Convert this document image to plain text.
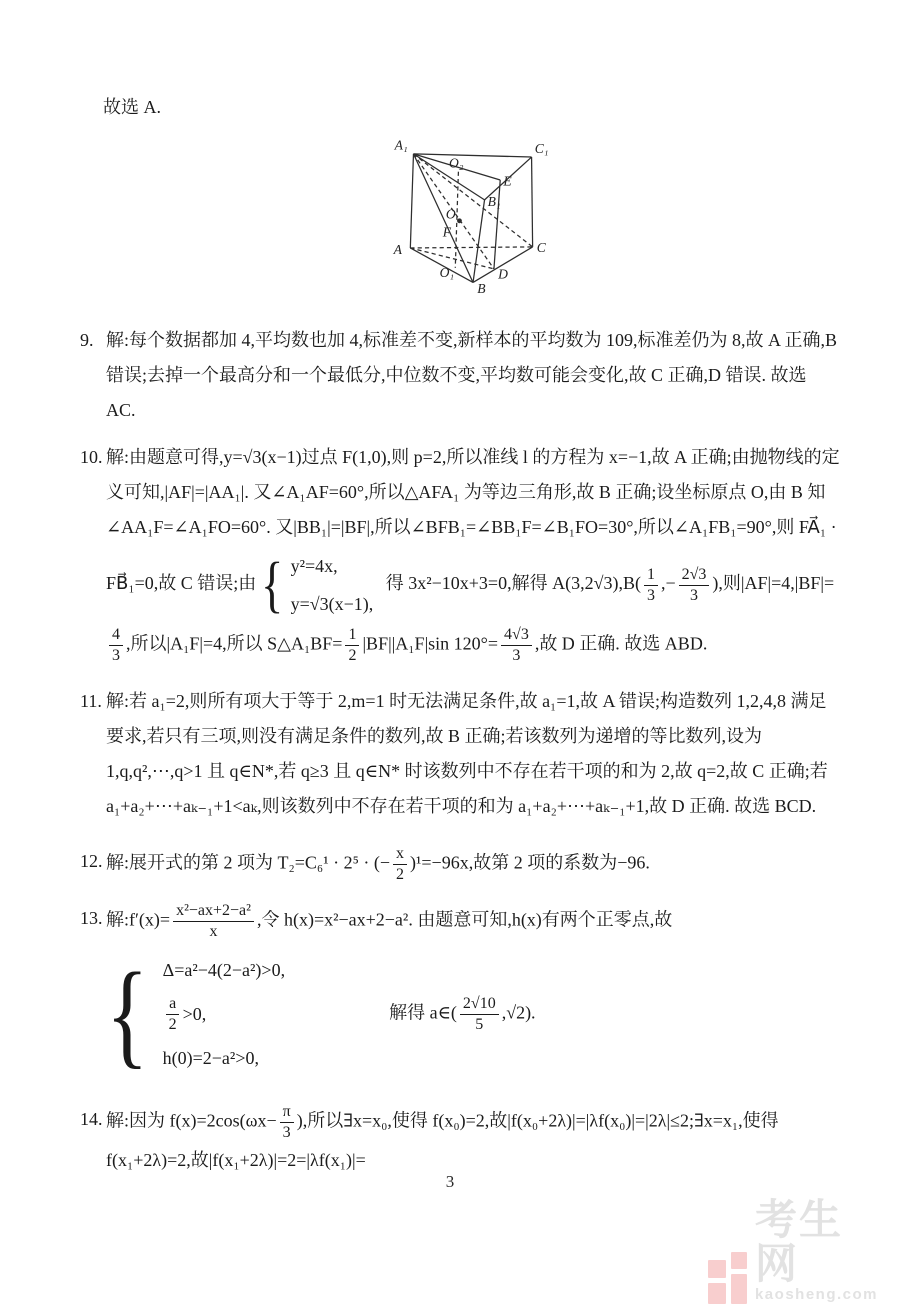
故选 A.

A₁
O₂
C₁
E
B₁
O
F
A	C
O₁	D
B
9. 解:每个数据都加 4,平均数也加 4,标准差不变,新样本的平均数为 109,标准差仍为 8,故 A 正确,B 错误;去掉一个最高分和一个最低分,中位数不变,平均数可能会变化,故 C 正确,D 错误. 故选 AC.
10. 解:由题意可得,y=√3(x−1)过点 F(1,0),则 p=2,所以准线 l 的方程为 x=−1,故 A 正确;由抛物线的定义可知,|AF|=|AA₁|. 又∠A₁AF=60°,所以△AFA₁ 为等边三角形,故 B 正确;设坐标原点 O,由 B 知∠AA₁F=∠A₁FO=60°. 又|BB₁|=|BF|,所以∠BFB₁=∠BB₁F=∠B₁FO=30°,所以∠A₁FB₁=90°,则 FA⃗₁ · FB⃗₁=0,故 C 错误;由 { y²=4x,
y=√3(x−1),
得 3x²−10x+3=0,解得 $A(3,2√3),B( \frac{1}{3}$ ,− $\frac{2√3}{3}$ ),则|AF|=4,|BF|=
$\frac{4}{3}$ ,所以|A₁F|=4,所以 S△A₁BF= $\frac{1}{2} |BF||A_1F|\sin$ $120^\circ= \frac{4√3}{3}$ ,故 D 正确. 故选 ABD.
11. 解:若 a₁=2,则所有项大于等于 2,m=1 时无法满足条件,故 a₁=1,故 A 错误;构造数列 1,2,4,8 满足要求,若只有三项,则没有满足条件的数列,故 B 正确;若该数列为递增的等比数列,设为 1,q,q²,⋯,q>1 且 q∈N*,若 q≥3 且 q∈N* 时该数列中不存在若干项的和为 2,故 q=2,故 C 正确;若 a₁+a₂+⋯+aₖ₋₁+1<aₖ,则该数列中不存在若干项的和为 a₁+a₂+⋯+aₖ₋₁+1,故 D 正确. 故选 BCD.
12. 解:展开式的第 2 项为 T₂=C₆¹ · 2⁵ · (− $\frac{x}{2} )^1=-96x$,故第 2 项的系数为−96.
13. 解:f′(x)= $\frac{\text{x²−ax+2−a²}}{x}$ ,令 h(x)=x²−ax+2−a². 由题意可知,h(x)有两个正零点,故
{ Δ=a²−4(2−a²)>0,
$\frac{a}{2} >0$,
h(0)=2−a²>0,
解得 a∈( $\frac{2√10}{5} ,√2$).
14. 解:因为 $f(x)=2\cos(\omega x- \frac{\pi}{3}$ ),所以∃x=x₀,使得 f(x₀)=2,故|f(x₀+2λ)|=|λf(x₀)|=|2λ|≤2;∃x=x₁,使得 f(x₁+2λ)=2,故|f(x₁+2λ)|=2=|λf(x₁)|=
3
考生网
kaosheng.com
